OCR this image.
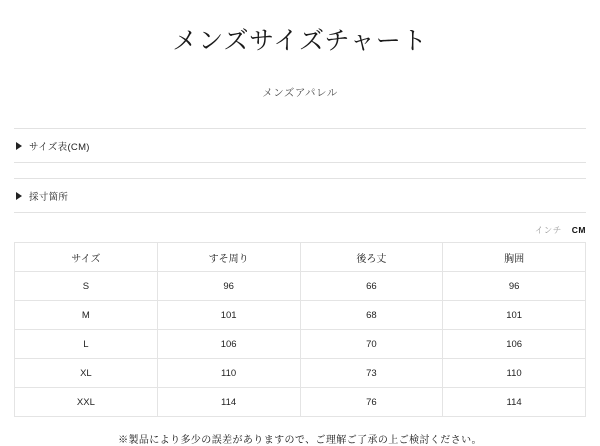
メンズサイズチャート

メンズアパレル

サイズ表(CM)
採寸箇所
インチ CM
サイズ	すそ周り	後ろ丈	胸囲
S	96	66	96
M	101	68	101
L	106	70	106
XL	110	73	110
XXL	114	76	114

※製品により多少の誤差がありますので、ご理解ご了承の上ご検討ください。
